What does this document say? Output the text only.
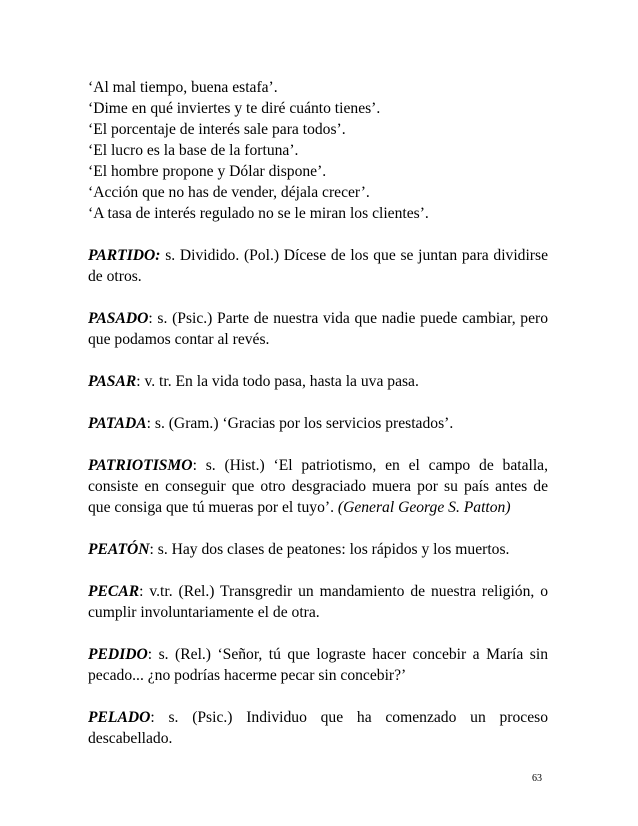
‘Al mal tiempo, buena estafa’.
‘Dime en qué inviertes y te diré cuánto tienes’.
‘El porcentaje de interés sale para todos’.
‘El lucro es la base de la fortuna’.
‘El hombre propone y Dólar dispone’.
‘Acción que no has de vender, déjala crecer’.
‘A tasa de interés regulado no se le miran los clientes’.
PARTIDO: s. Dividido. (Pol.) Dícese de los que se juntan para dividirse de otros.
PASADO: s. (Psic.) Parte de nuestra vida que nadie puede cambiar, pero que podamos contar al revés.
PASAR: v. tr. En la vida todo pasa, hasta la uva pasa.
PATADA: s. (Gram.) ‘Gracias por los servicios prestados’.
PATRIOTISMO: s. (Hist.) ‘El patriotismo, en el campo de batalla, consiste en conseguir que otro desgraciado muera por su país antes de que consiga que tú mueras por el tuyo’. (General George S. Patton)
PEATÓN: s. Hay dos clases de peatones: los rápidos y los muertos.
PECAR: v.tr. (Rel.) Transgredir un mandamiento de nuestra religión, o cumplir involuntariamente el de otra.
PEDIDO: s. (Rel.) ‘Señor, tú que lograste hacer concebir a María sin pecado... ¿no podrías hacerme pecar sin concebir?’
PELADO: s. (Psic.) Individuo que ha comenzado un proceso descabellado.
63
